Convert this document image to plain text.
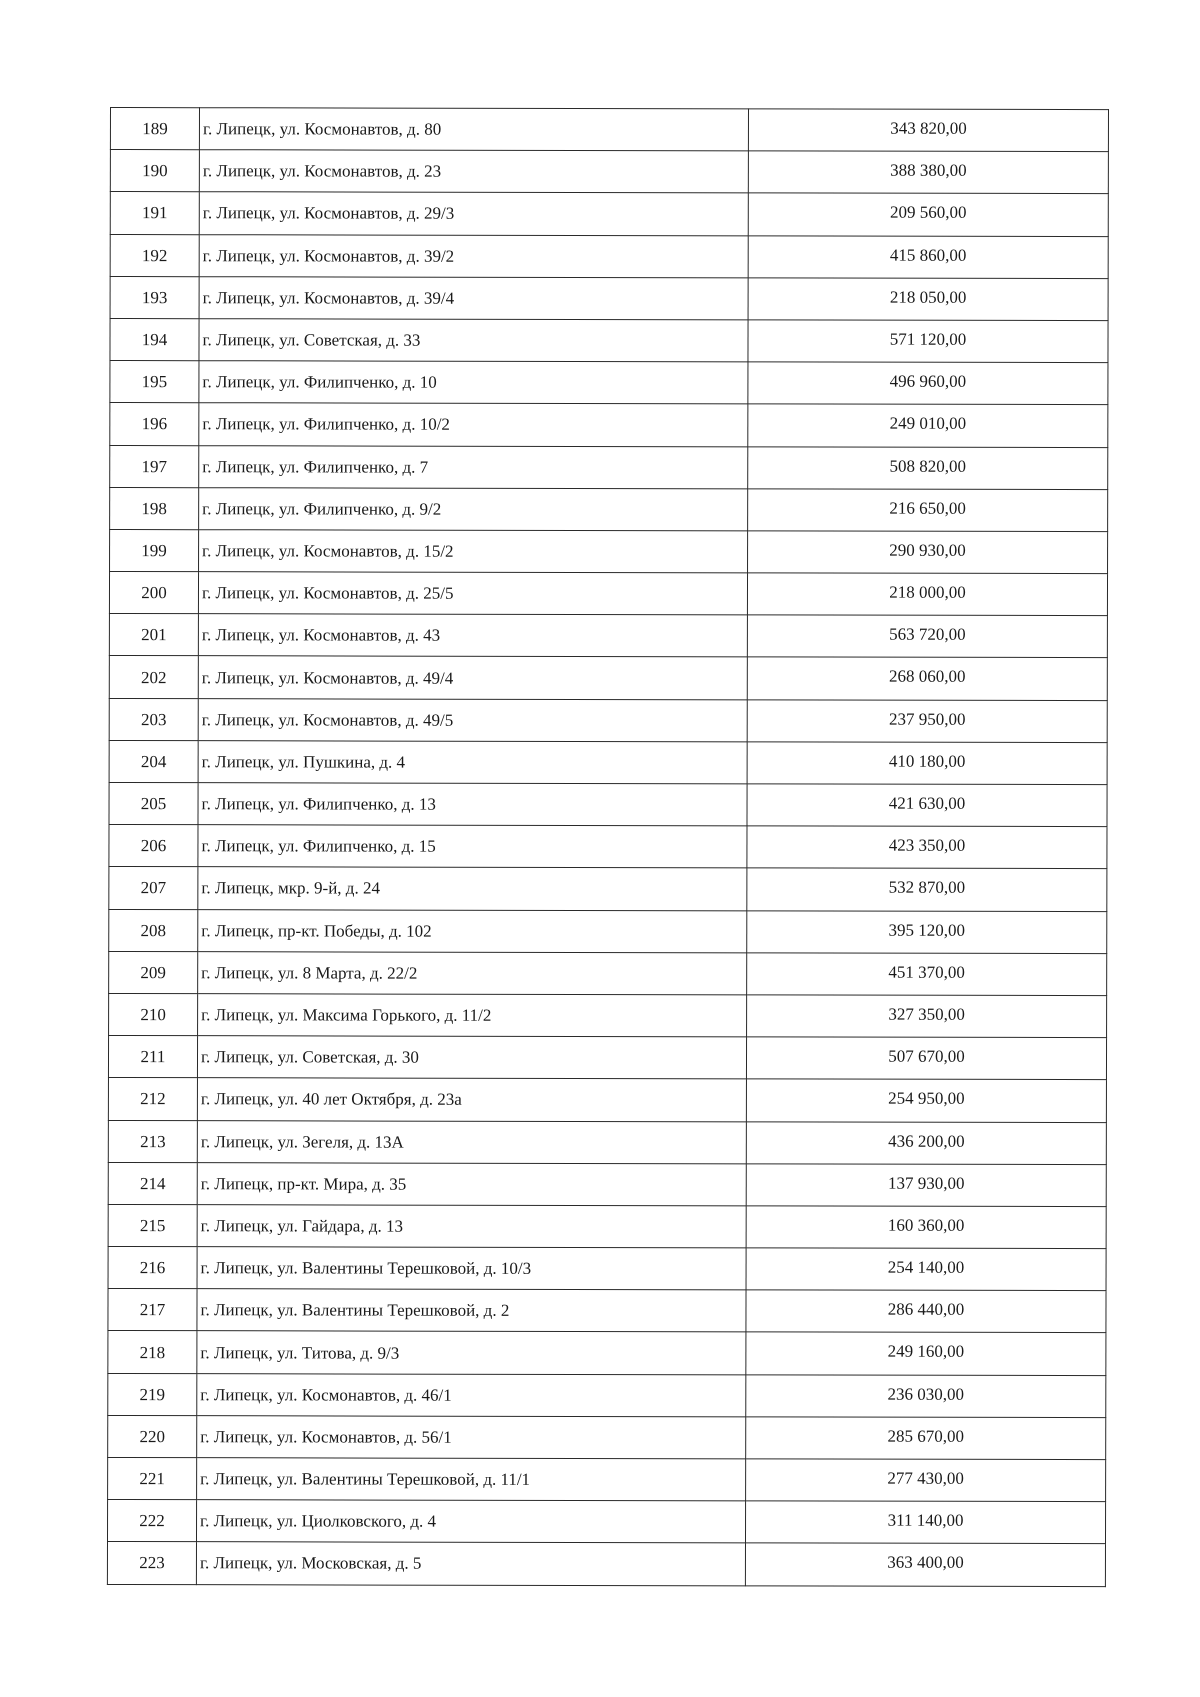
189	г. Липецк, ул. Космонавтов, д. 80	343 820,00
190	г. Липецк, ул. Космонавтов, д. 23	388 380,00
191	г. Липецк, ул. Космонавтов, д. 29/3	209 560,00
192	г. Липецк, ул. Космонавтов, д. 39/2	415 860,00
193	г. Липецк, ул. Космонавтов, д. 39/4	218 050,00
194	г. Липецк, ул. Советская, д. 33	571 120,00
195	г. Липецк, ул. Филипченко, д. 10	496 960,00
196	г. Липецк, ул. Филипченко, д. 10/2	249 010,00
197	г. Липецк, ул. Филипченко, д. 7	508 820,00
198	г. Липецк, ул. Филипченко, д. 9/2	216 650,00
199	г. Липецк, ул. Космонавтов, д. 15/2	290 930,00
200	г. Липецк, ул. Космонавтов, д. 25/5	218 000,00
201	г. Липецк, ул. Космонавтов, д. 43	563 720,00
202	г. Липецк, ул. Космонавтов, д. 49/4	268 060,00
203	г. Липецк, ул. Космонавтов, д. 49/5	237 950,00
204	г. Липецк, ул. Пушкина, д. 4	410 180,00
205	г. Липецк, ул. Филипченко, д. 13	421 630,00
206	г. Липецк, ул. Филипченко, д. 15	423 350,00
207	г. Липецк, мкр. 9-й, д. 24	532 870,00
208	г. Липецк, пр-кт. Победы, д. 102	395 120,00
209	г. Липецк, ул. 8 Марта, д. 22/2	451 370,00
210	г. Липецк, ул. Максима Горького, д. 11/2	327 350,00
211	г. Липецк, ул. Советская, д. 30	507 670,00
212	г. Липецк, ул. 40 лет Октября, д. 23а	254 950,00
213	г. Липецк, ул. Зегеля, д. 13А	436 200,00
214	г. Липецк, пр-кт. Мира, д. 35	137 930,00
215	г. Липецк, ул. Гайдара, д. 13	160 360,00
216	г. Липецк, ул. Валентины Терешковой, д. 10/3	254 140,00
217	г. Липецк, ул. Валентины Терешковой, д. 2	286 440,00
218	г. Липецк, ул. Титова, д. 9/3	249 160,00
219	г. Липецк, ул. Космонавтов, д. 46/1	236 030,00
220	г. Липецк, ул. Космонавтов, д. 56/1	285 670,00
221	г. Липецк, ул. Валентины Терешковой, д. 11/1	277 430,00
222	г. Липецк, ул. Циолковского, д. 4	311 140,00
223	г. Липецк, ул. Московская, д. 5	363 400,00
